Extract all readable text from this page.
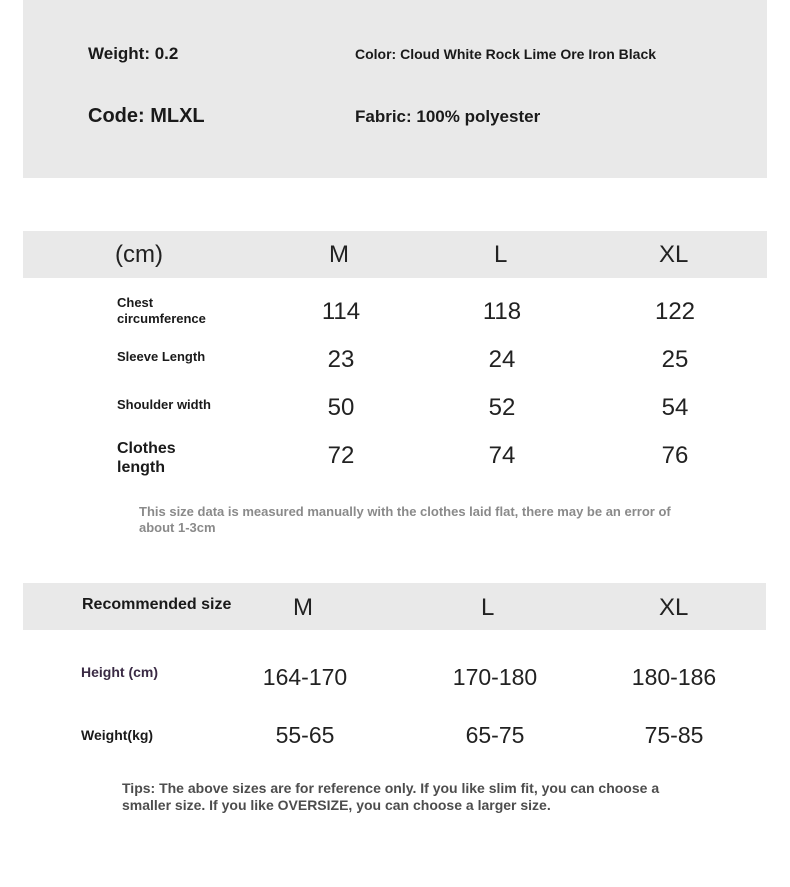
Weight: 0.2	Color: Cloud White Rock Lime Ore Iron Black
Code: MLXL	Fabric: 100% polyester
(cm)	M	L	XL
Chest circumference	114	118	122
Sleeve Length	23	24	25
Shoulder width	50	52	54
Clothes length	72	74	76
This size data is measured manually with the clothes laid flat, there may be an error of about 1-3cm
Recommended size	M	L	XL
Height (cm)	164-170	170-180	180-186
Weight(kg)	55-65	65-75	75-85
Tips: The above sizes are for reference only. If you like slim fit, you can choose a smaller size. If you like OVERSIZE, you can choose a larger size.
